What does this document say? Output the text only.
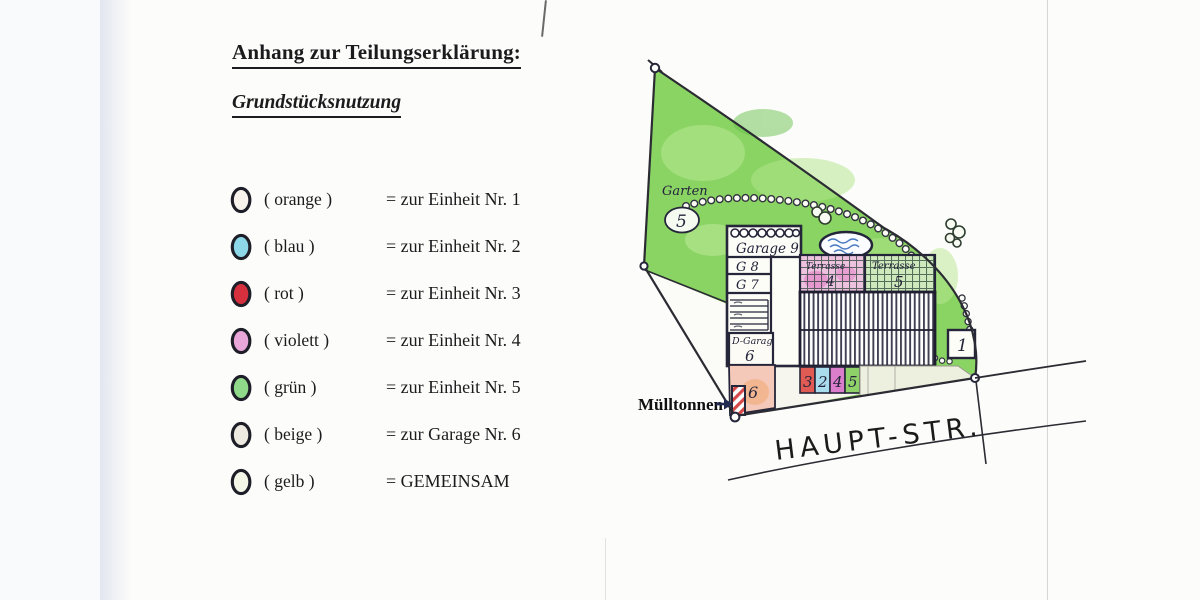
Anhang zur Teilungserklärung:
Grundstücksnutzung
( orange )	= zur Einheit Nr. 1
( blau )	= zur Einheit Nr. 2
( rot )	= zur Einheit Nr. 3
( violett )	= zur Einheit Nr. 4
( grün )	= zur Einheit Nr. 5
( beige )	= zur Garage Nr. 6
( gelb )	= GEMEINSAM
Garage 9
G 8
G 7
D-Garag
6
6
Terrasse
4
Terrasse
5
3 2 4 5
1
Garten
5
Mülltonnen
HAUPT-STR.
